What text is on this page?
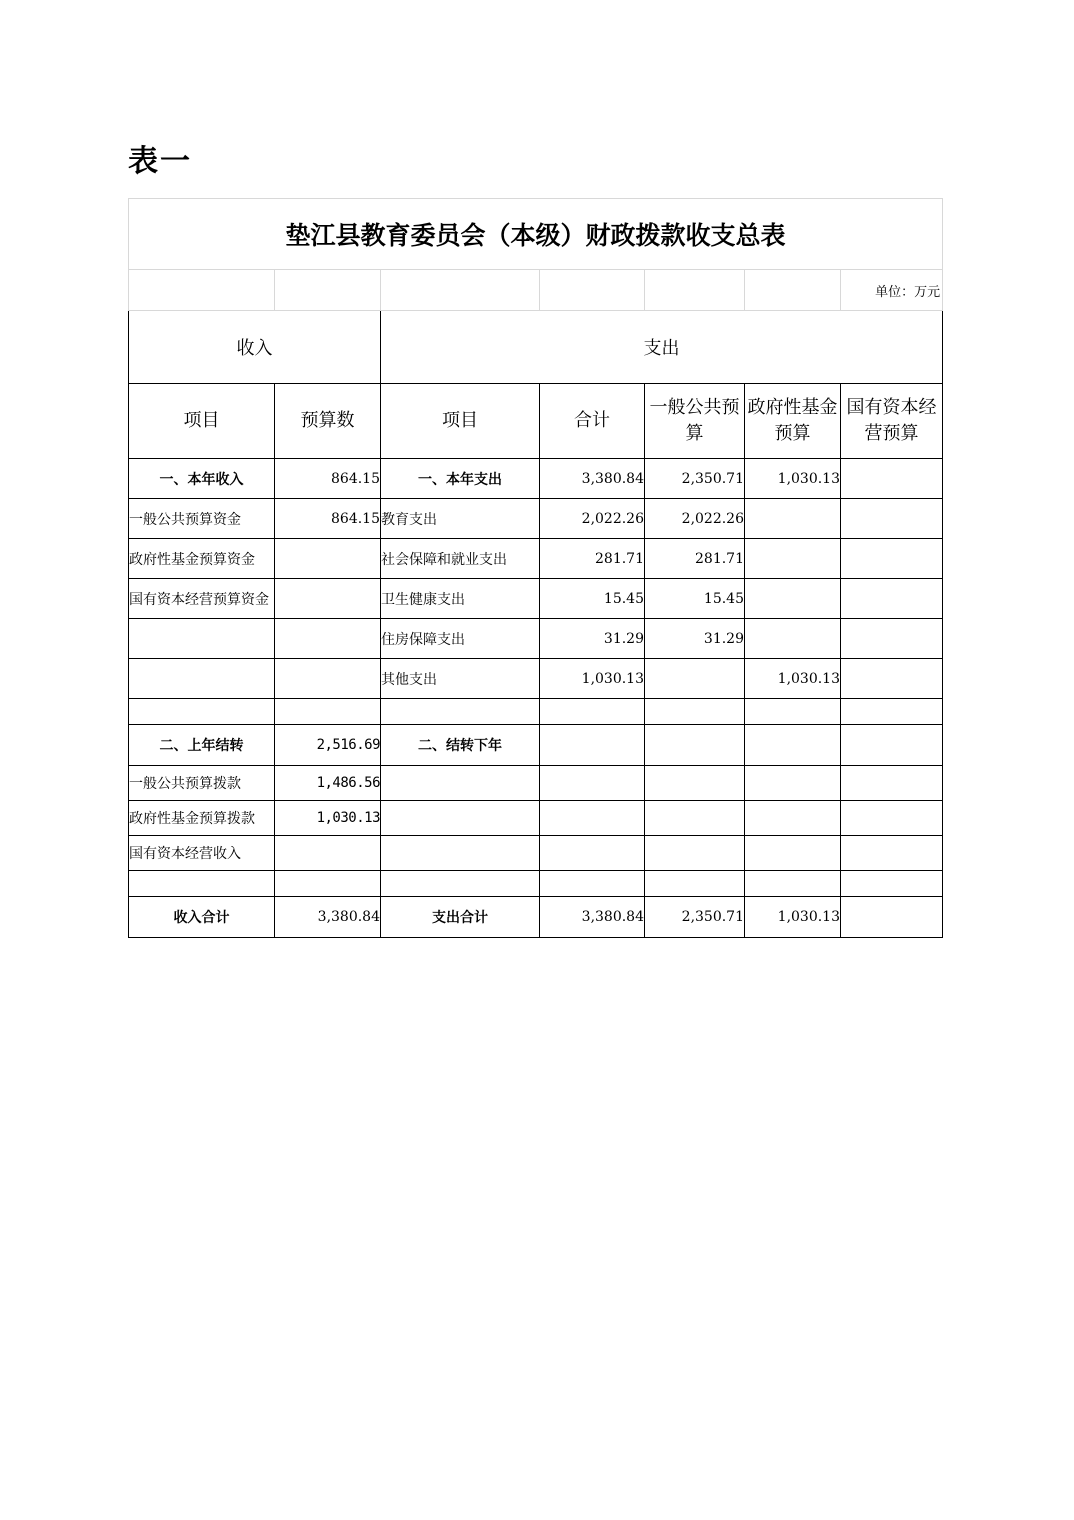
表一
垫江县教育委员会（本级）财政拨款收支总表						
						单位：万元
收入		支出				
项目	预算数	项目	合计	一般公共预算	政府性基金预算	国有资本经营预算
一、本年收入	864.15	一、本年支出	3,380.84	2,350.71	1,030.13	
一般公共预算资金	864.15	教育支出	2,022.26	2,022.26		
政府性基金预算资金		社会保障和就业支出	281.71	281.71		
国有资本经营预算资金		卫生健康支出	15.45	15.45		
		住房保障支出	31.29	31.29		
		其他支出	1,030.13		1,030.13	

二、上年结转	2,516.69	二、结转下年				
一般公共预算拨款	1,486.56					
政府性基金预算拨款	1,030.13					
国有资本经营收入						

收入合计	3,380.84	支出合计	3,380.84	2,350.71	1,030.13	
